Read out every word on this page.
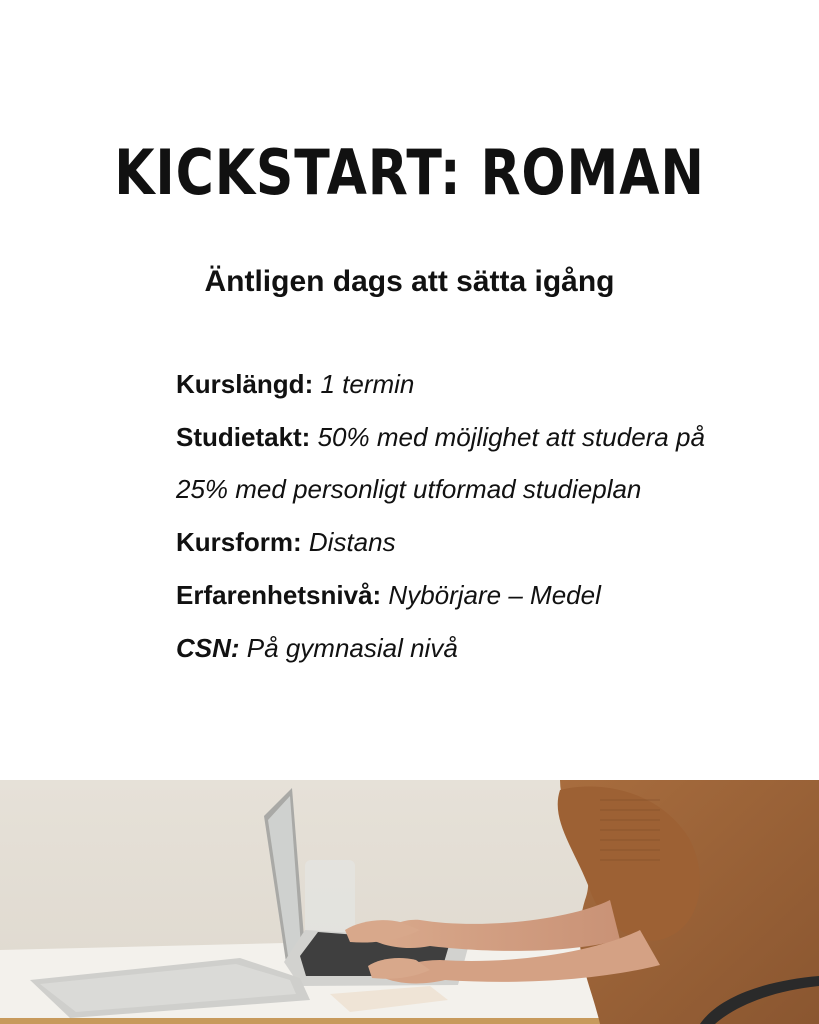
KICKSTART: ROMAN
Äntligen dags att sätta igång
Kurslängd: 1 termin
Studietakt: 50% med möjlighet att studera på 25% med personligt utformad studieplan
Kursform: Distans
Erfarenhetsnivå: Nybörjare – Medel
CSN: På gymnasial nivå
